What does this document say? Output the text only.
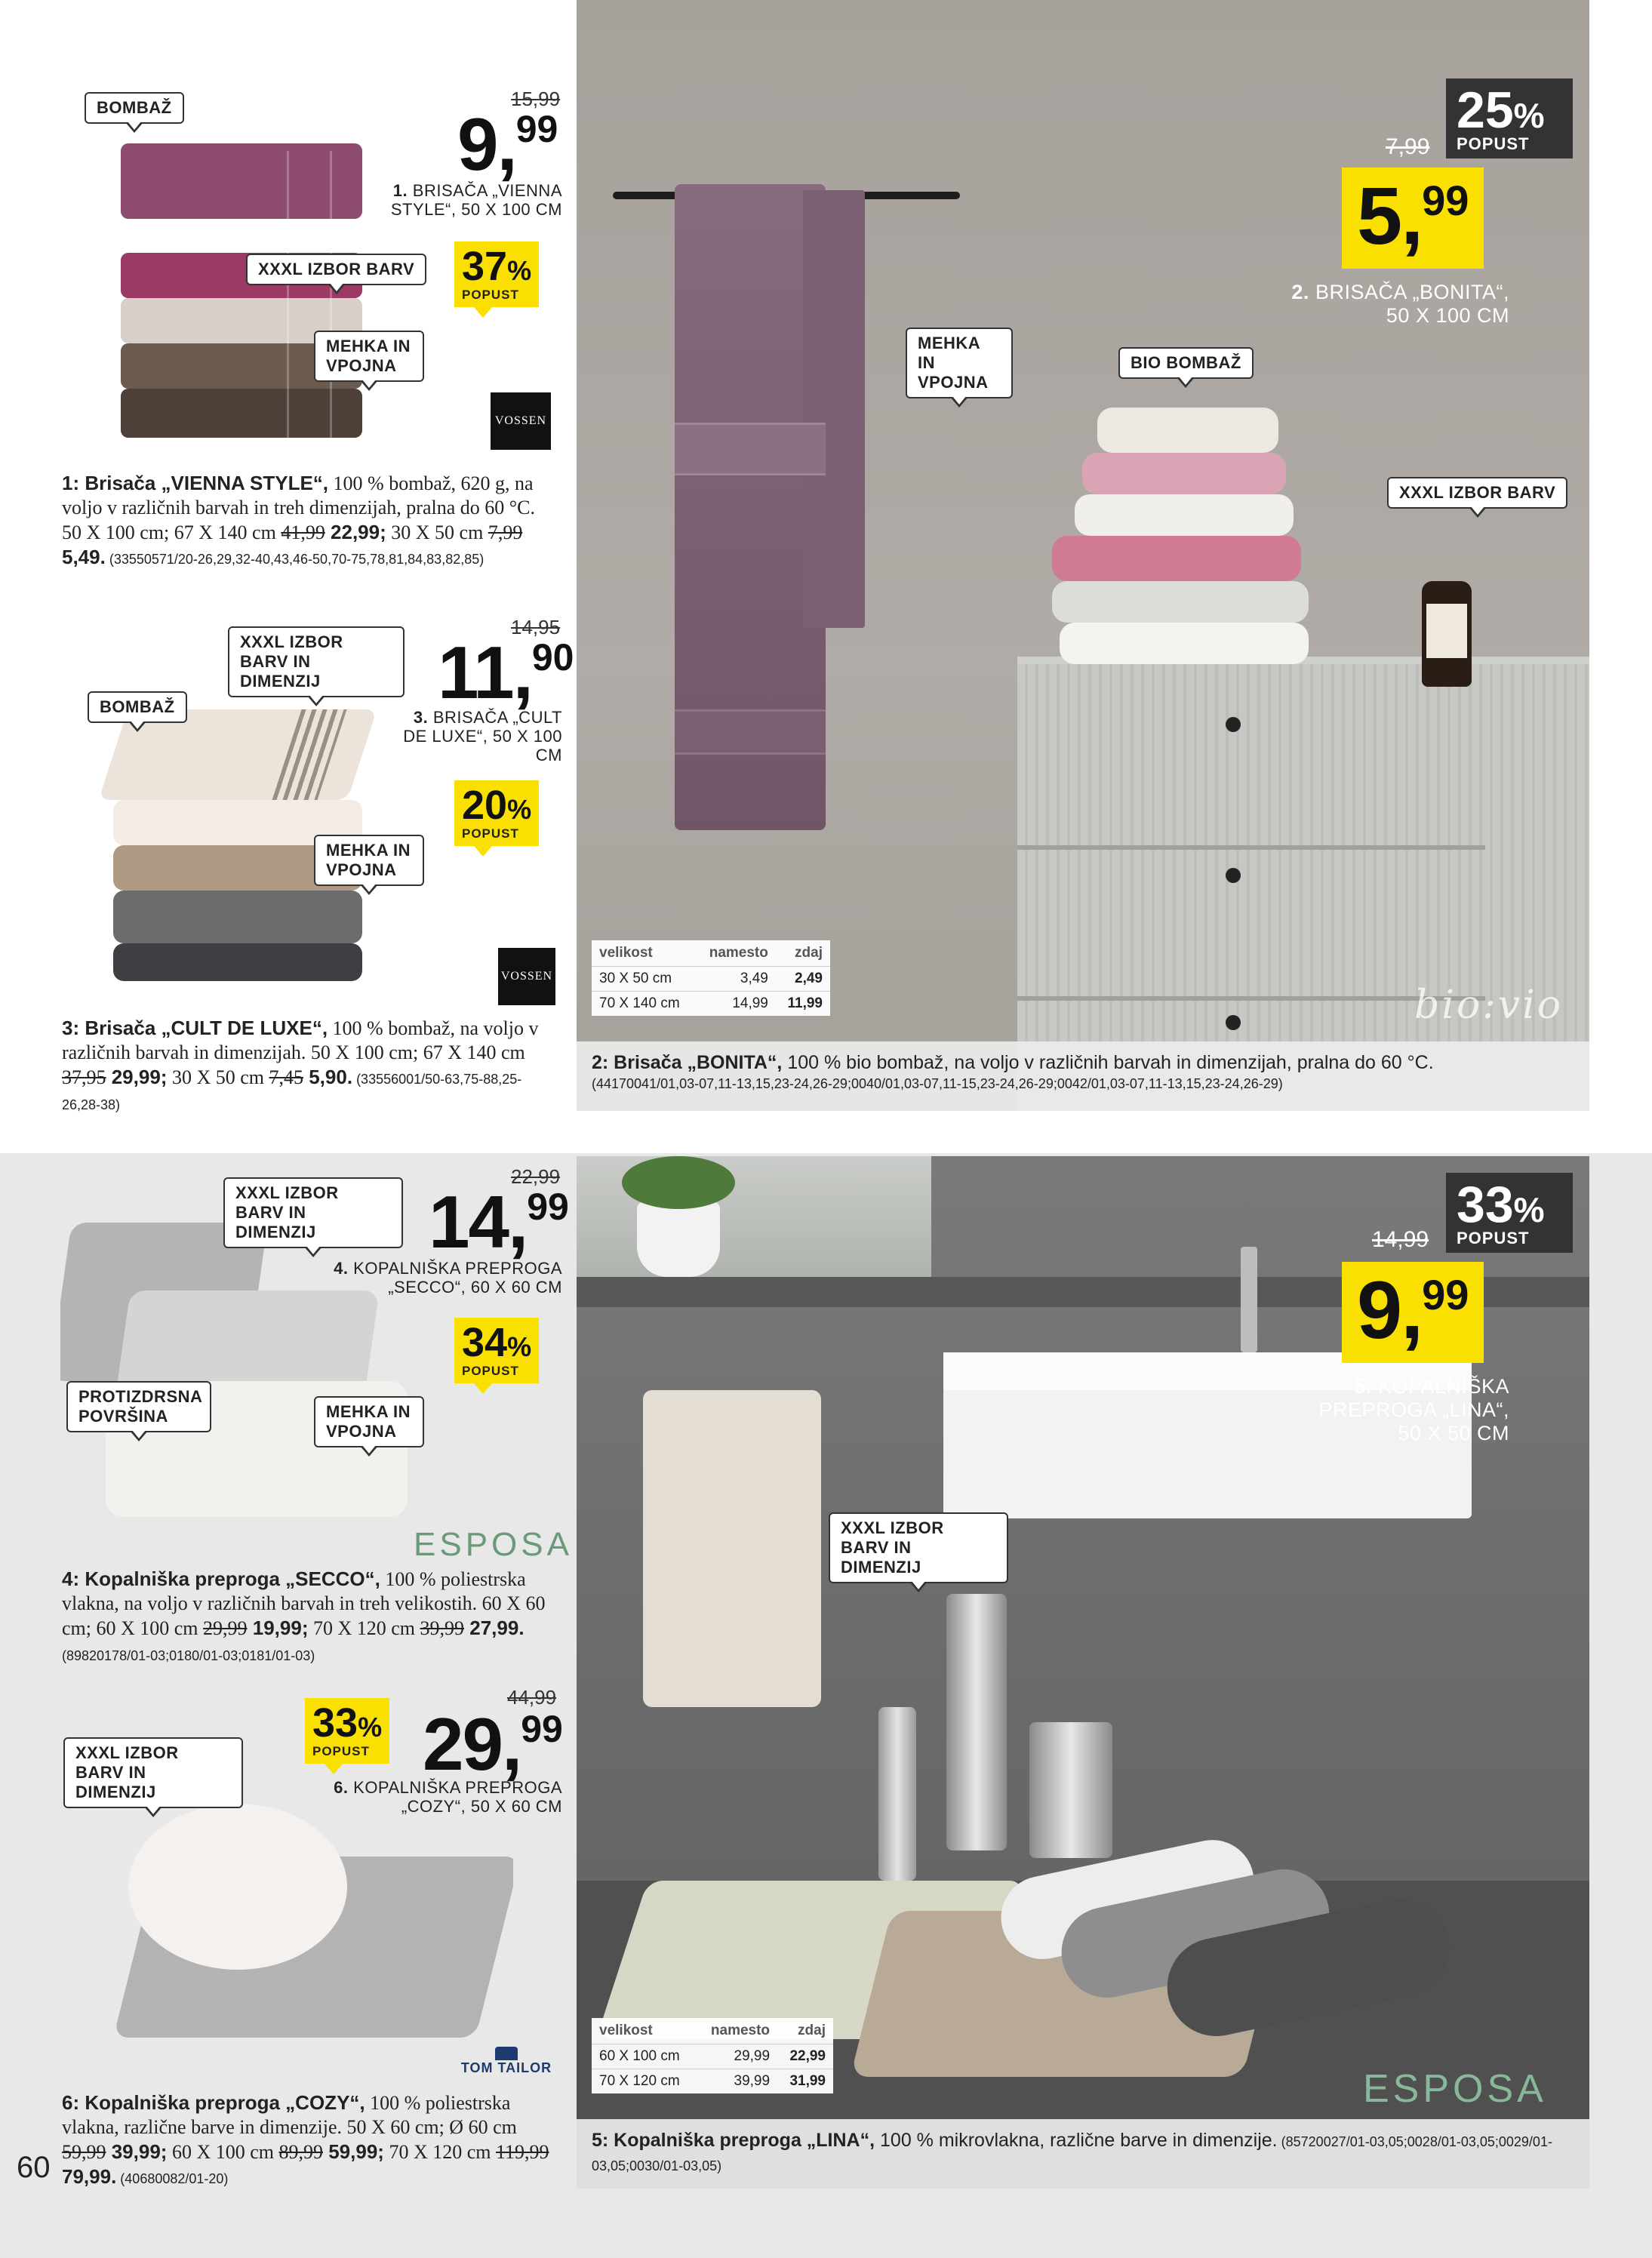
BOMBAŽ
XXXL IZBOR BARV
MEHKA IN VPOJNA
15,99
9,99
1. BRISAČA „VIENNA STYLE“, 50 X 100 CM
37%
POPUST
VOSSEN
1: Brisača „VIENNA STYLE“, 100 % bombaž, 620 g, na voljo v različnih barvah in treh dimenzijah, pralna do 60 °C. 50 X 100 cm; 67 X 140 cm 41,99 22,99; 30 X 50 cm 7,99 5,49. (33550571/20-26,29,32-40,43,46-50,70-75,78,81,84,83,82,85)
XXXL IZBOR BARV IN DIMENZIJ
BOMBAŽ
MEHKA IN VPOJNA
14,95
11,90
3. BRISAČA „CULT DE LUXE“, 50 X 100 CM
20%
POPUST
VOSSEN
3: Brisača „CULT DE LUXE“, 100 % bombaž, na voljo v različnih barvah in dimenzijah. 50 X 100 cm; 67 X 140 cm 37,95 29,99; 30 X 50 cm 7,45 5,90. (33556001/50-63,75-88,25-26,28-38)
MEHKA IN VPOJNA
BIO BOMBAŽ
XXXL IZBOR BARV
25%
POPUST
7,99
5,99
2. BRISAČA „BONITA“, 50 X 100 CM
bio:vio
velikost	namesto	zdaj
30 X 50 cm	3,49	2,49
70 X 140 cm	14,99	11,99
2: Brisača „BONITA“, 100 % bio bombaž, na voljo v različnih barvah in dimenzijah, pralna do 60 °C.
(44170041/01,03-07,11-13,15,23-24,26-29;0040/01,03-07,11-15,23-24,26-29;0042/01,03-07,11-13,15,23-24,26-29)
XXXL IZBOR BARV IN DIMENZIJ
PROTIZDRSNA POVRŠINA	MEHKA IN VPOJNA
22,99
14,99
4. KOPALNIŠKA PREPROGA „SECCO“, 60 X 60 CM
34%
POPUST
ESPOSA
4: Kopalniška preproga „SECCO“, 100 % poliestrska vlakna, na voljo v različnih barvah in treh velikostih. 60 X 60 cm; 60 X 100 cm 29,99 19,99; 70 X 120 cm 39,99 27,99. (89820178/01-03;0180/01-03;0181/01-03)
XXXL IZBOR BARV IN DIMENZIJ
33%
POPUST
44,99
29,99
6. KOPALNIŠKA PREPROGA „COZY“, 50 X 60 CM
TOM TAILOR
6: Kopalniška preproga „COZY“, 100 % poliestrska vlakna, različne barve in dimenzije. 50 X 60 cm; Ø 60 cm 59,99 39,99; 60 X 100 cm 89,99 59,99; 70 X 120 cm 119,99 79,99. (40680082/01-20)
60
XXXL IZBOR BARV IN DIMENZIJ
33%
POPUST
14,99
9,99
5. KOPALNIŠKA PREPROGA „LINA“, 50 X 50 CM
ESPOSA
velikost	namesto	zdaj
60 X 100 cm	29,99	22,99
70 X 120 cm	39,99	31,99
5: Kopalniška preproga „LINA“, 100 % mikrovlakna, različne barve in dimenzije. (85720027/01-03,05;0028/01-03,05;0029/01-03,05;0030/01-03,05)
